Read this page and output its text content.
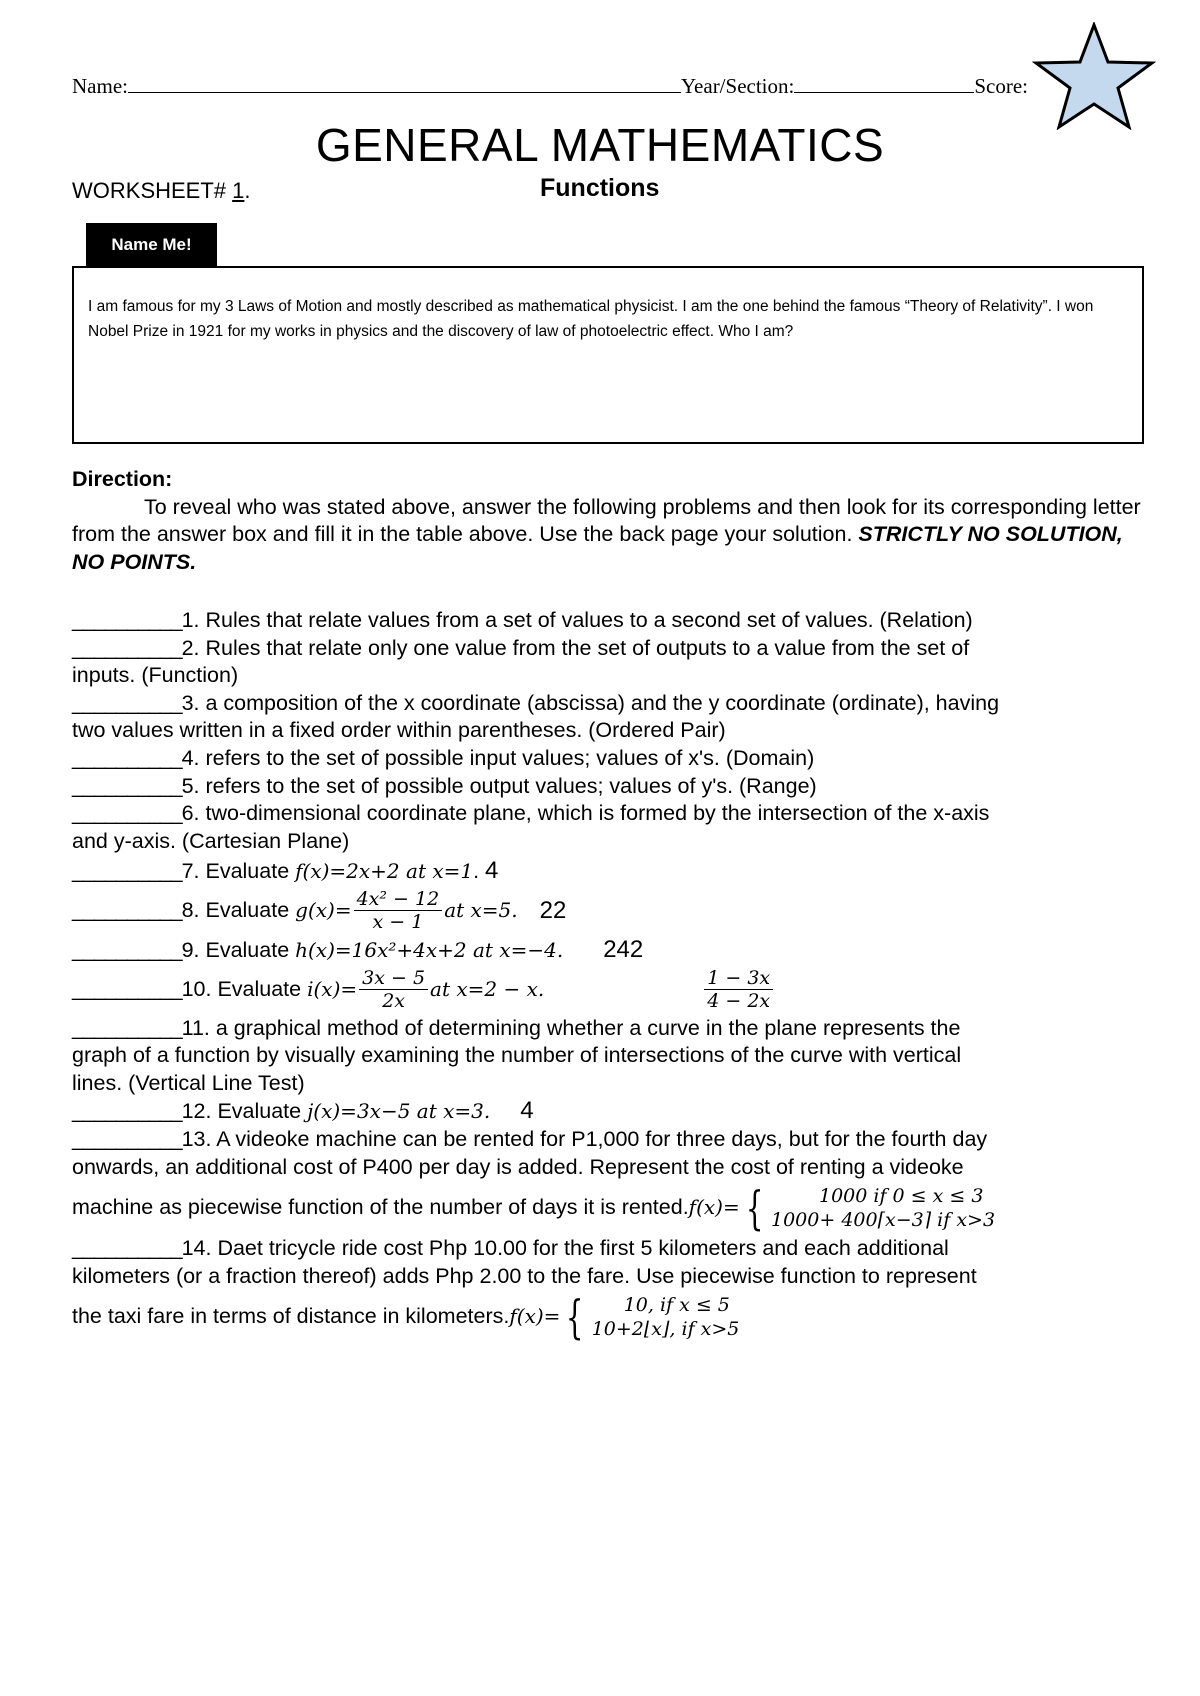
Name:	Year/Section:	Score:
GENERAL MATHEMATICS
WORKSHEET# 1.	Functions
Name Me!
I am famous for my 3 Laws of Motion and mostly described as mathematical physicist. I am the one behind the famous “Theory of Relativity”. I won Nobel Prize in 1921 for my works in physics and the discovery of law of photoelectric effect. Who I am?
Direction:
To reveal who was stated above, answer the following problems and then look for its corresponding letter from the answer box and fill it in the table above. Use the back page your solution. STRICTLY NO SOLUTION, NO POINTS.
__________1. Rules that relate values from a set of values to a second set of values. (Relation)
__________2. Rules that relate only one value from the set of outputs to a value from the set of
inputs. (Function)
__________3. a composition of the x coordinate (abscissa) and the y coordinate (ordinate), having
two values written in a fixed order within parentheses. (Ordered Pair)
__________4. refers to the set of possible input values; values of x's. (Domain)
__________5. refers to the set of possible output values; values of y's. (Range)
__________6. two-dimensional coordinate plane, which is formed by the intersection of the x-axis
and y-axis. (Cartesian Plane)
__________7. Evaluate f(x)=2x+2 at x=1. 4
__________ 8. Evaluate
$g(x)= \frac{\text{4x² − 12}}{x - 1}$ at x=5. 22
__________9. Evaluate h(x)=16x²+4x+2 at x=−4. 242
__________ 10. Evaluate
$i(x)= \frac{3x - 5}{2x}$ at x=2 − x.	$\frac{1 - 3x}{4 - 2x}$
__________11. a graphical method of determining whether a curve in the plane represents the
graph of a function by visually examining the number of intersections of the curve with vertical
lines. (Vertical Line Test)
__________12. Evaluate j(x)=3x−5 at x=3. 4
__________13. A videoke machine can be rented for P1,000 for three days, but for the fourth day
onwards, an additional cost of P400 per day is added. Represent the cost of renting a videoke
machine as piecewise function of the number of days it is rented. f(x)= {	1000 if 0 ≤ x ≤ 3
1000+ 400⌈x−3⌉ if x>3
__________14. Daet tricycle ride cost Php 10.00 for the first 5 kilometers and each additional
kilometers (or a fraction thereof) adds Php 2.00 to the fare. Use piecewise function to represent
the taxi fare in terms of distance in kilometers. f(x)= {	10, if x ≤ 5
10+2⌊x⌋, if x>5
